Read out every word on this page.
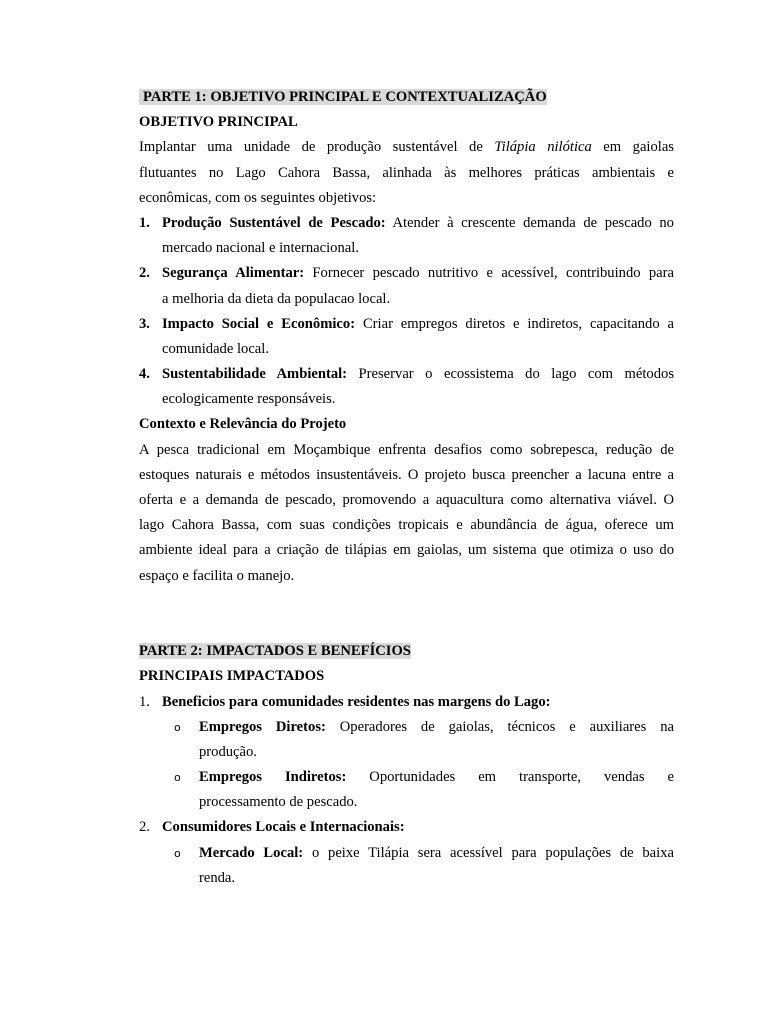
PARTE 1: OBJETIVO PRINCIPAL E CONTEXTUALIZAÇÃO
OBJETIVO PRINCIPAL
Implantar uma unidade de produção sustentável de Tilápia nilótica em gaiolas
flutuantes no Lago Cahora Bassa, alinhada às melhores práticas ambientais e
econômicas, com os seguintes objetivos:
1. Produção Sustentável de Pescado: Atender à crescente demanda de pescado no
mercado nacional e internacional.
2. Segurança Alimentar: Fornecer pescado nutritivo e acessível, contribuindo para
a melhoria da dieta da populacao local.
3. Impacto Social e Econômico: Criar empregos diretos e indiretos, capacitando a
comunidade local.
4. Sustentabilidade Ambiental: Preservar o ecossistema do lago com métodos
ecologicamente responsáveis.
Contexto e Relevância do Projeto
A pesca tradicional em Moçambique enfrenta desafios como sobrepesca, redução de
estoques naturais e métodos insustentáveis. O projeto busca preencher a lacuna entre a
oferta e a demanda de pescado, promovendo a aquacultura como alternativa viável. O
lago Cahora Bassa, com suas condições tropicais e abundância de água, oferece um
ambiente ideal para a criação de tilápias em gaiolas, um sistema que otimiza o uso do
espaço e facilita o manejo.
PARTE 2: IMPACTADOS E BENEFÍCIOS
PRINCIPAIS IMPACTADOS
1. Beneficios para comunidades residentes nas margens do Lago:
o	Empregos Diretos: Operadores de gaiolas, técnicos e auxiliares na
produção.
o	Empregos Indiretos: Oportunidades em transporte, vendas e
processamento de pescado.
2. Consumidores Locais e Internacionais:
o	Mercado Local: o peixe Tilápia sera acessível para populações de baixa
renda.
